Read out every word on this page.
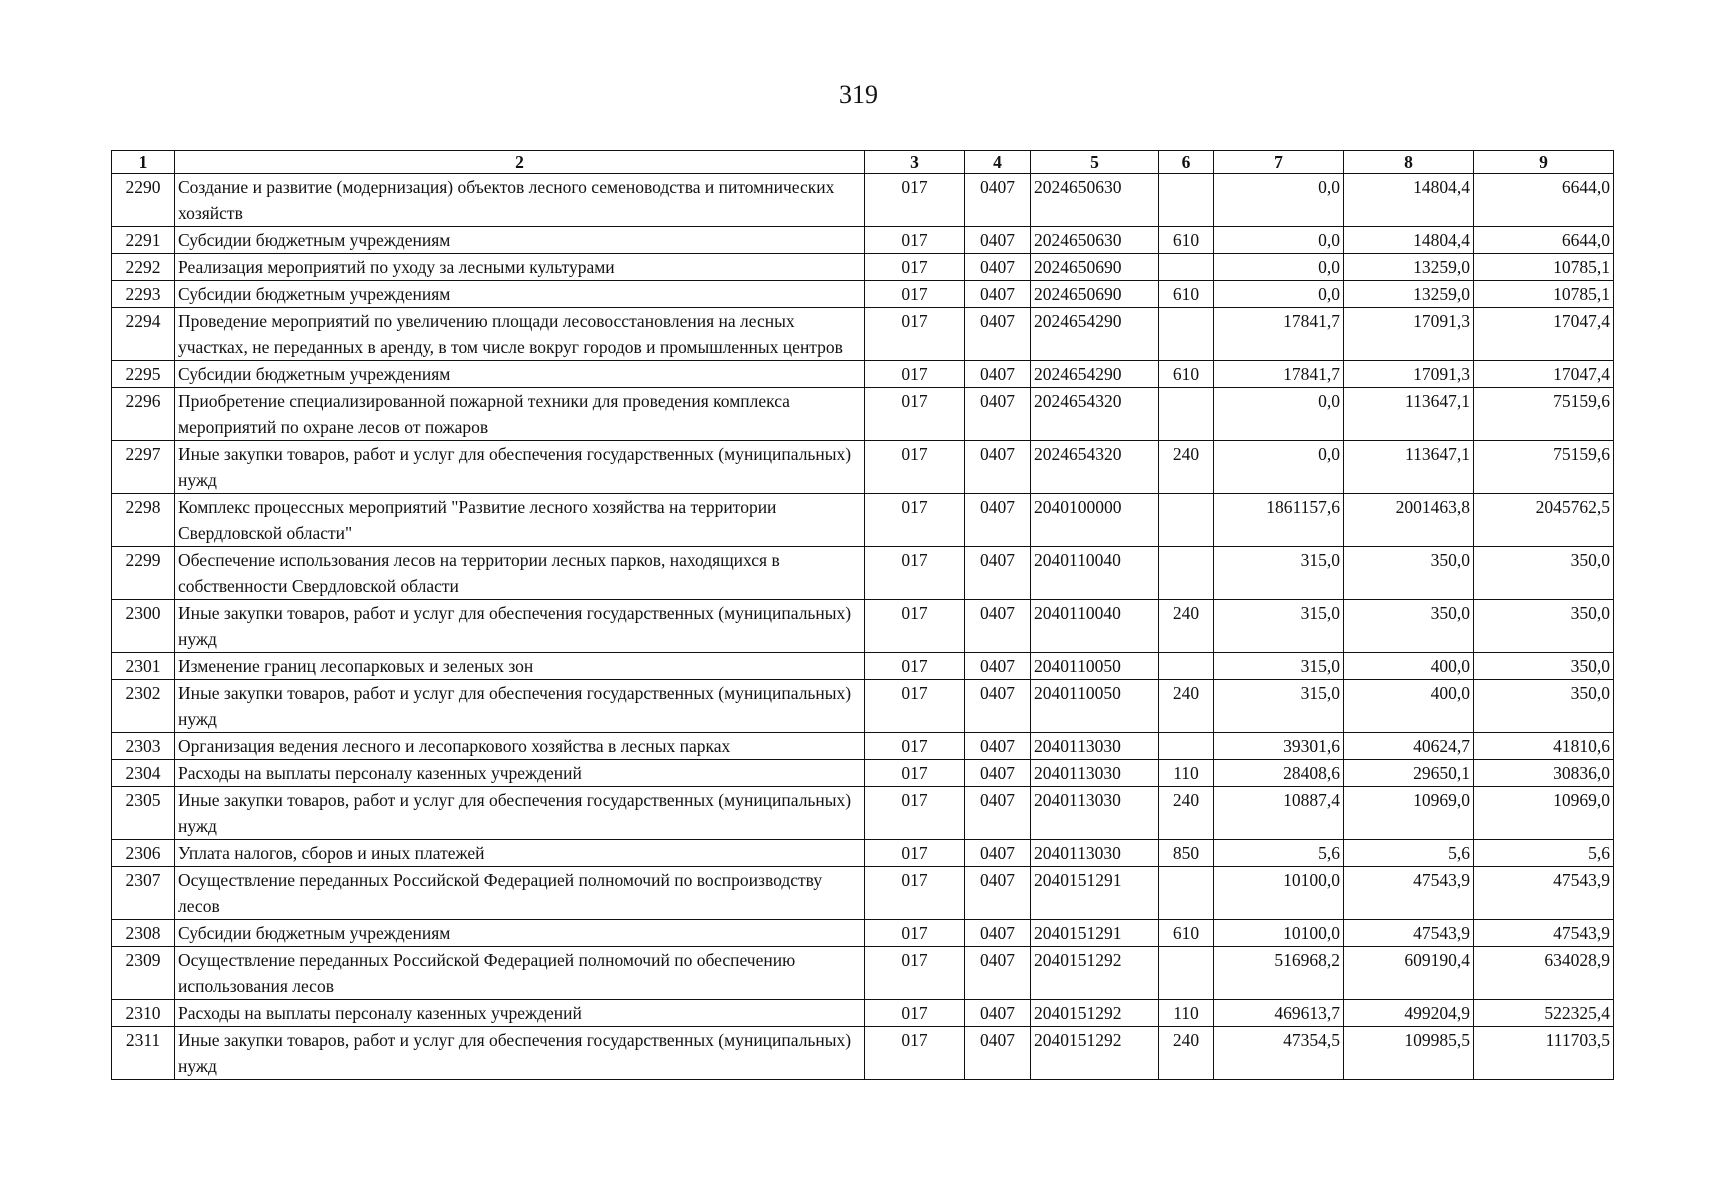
319
1	2	3	4	5	6	7	8	9
2290	Создание и развитие (модернизация) объектов лесного семеноводства и питомнических хозяйств	017	0407	2024650630		0,0	14804,4	6644,0
2291	Субсидии бюджетным учреждениям	017	0407	2024650630	610	0,0	14804,4	6644,0
2292	Реализация мероприятий по уходу за лесными культурами	017	0407	2024650690		0,0	13259,0	10785,1
2293	Субсидии бюджетным учреждениям	017	0407	2024650690	610	0,0	13259,0	10785,1
2294	Проведение мероприятий по увеличению площади лесовосстановления на лесных участках, не переданных в аренду, в том числе вокруг городов и промышленных центров	017	0407	2024654290		17841,7	17091,3	17047,4
2295	Субсидии бюджетным учреждениям	017	0407	2024654290	610	17841,7	17091,3	17047,4
2296	Приобретение специализированной пожарной техники для проведения комплекса мероприятий по охране лесов от пожаров	017	0407	2024654320		0,0	113647,1	75159,6
2297	Иные закупки товаров, работ и услуг для обеспечения государственных (муниципальных) нужд	017	0407	2024654320	240	0,0	113647,1	75159,6
2298	Комплекс процессных мероприятий "Развитие лесного хозяйства на территории Свердловской области"	017	0407	2040100000		1861157,6	2001463,8	2045762,5
2299	Обеспечение использования лесов на территории лесных парков, находящихся в собственности Свердловской области	017	0407	2040110040		315,0	350,0	350,0
2300	Иные закупки товаров, работ и услуг для обеспечения государственных (муниципальных) нужд	017	0407	2040110040	240	315,0	350,0	350,0
2301	Изменение границ лесопарковых и зеленых зон	017	0407	2040110050		315,0	400,0	350,0
2302	Иные закупки товаров, работ и услуг для обеспечения государственных (муниципальных) нужд	017	0407	2040110050	240	315,0	400,0	350,0
2303	Организация ведения лесного и лесопаркового хозяйства в лесных парках	017	0407	2040113030		39301,6	40624,7	41810,6
2304	Расходы на выплаты персоналу казенных учреждений	017	0407	2040113030	110	28408,6	29650,1	30836,0
2305	Иные закупки товаров, работ и услуг для обеспечения государственных (муниципальных) нужд	017	0407	2040113030	240	10887,4	10969,0	10969,0
2306	Уплата налогов, сборов и иных платежей	017	0407	2040113030	850	5,6	5,6	5,6
2307	Осуществление переданных Российской Федерацией полномочий по воспроизводству лесов	017	0407	2040151291		10100,0	47543,9	47543,9
2308	Субсидии бюджетным учреждениям	017	0407	2040151291	610	10100,0	47543,9	47543,9
2309	Осуществление переданных Российской Федерацией полномочий по обеспечению использования лесов	017	0407	2040151292		516968,2	609190,4	634028,9
2310	Расходы на выплаты персоналу казенных учреждений	017	0407	2040151292	110	469613,7	499204,9	522325,4
2311	Иные закупки товаров, работ и услуг для обеспечения государственных (муниципальных) нужд	017	0407	2040151292	240	47354,5	109985,5	111703,5
